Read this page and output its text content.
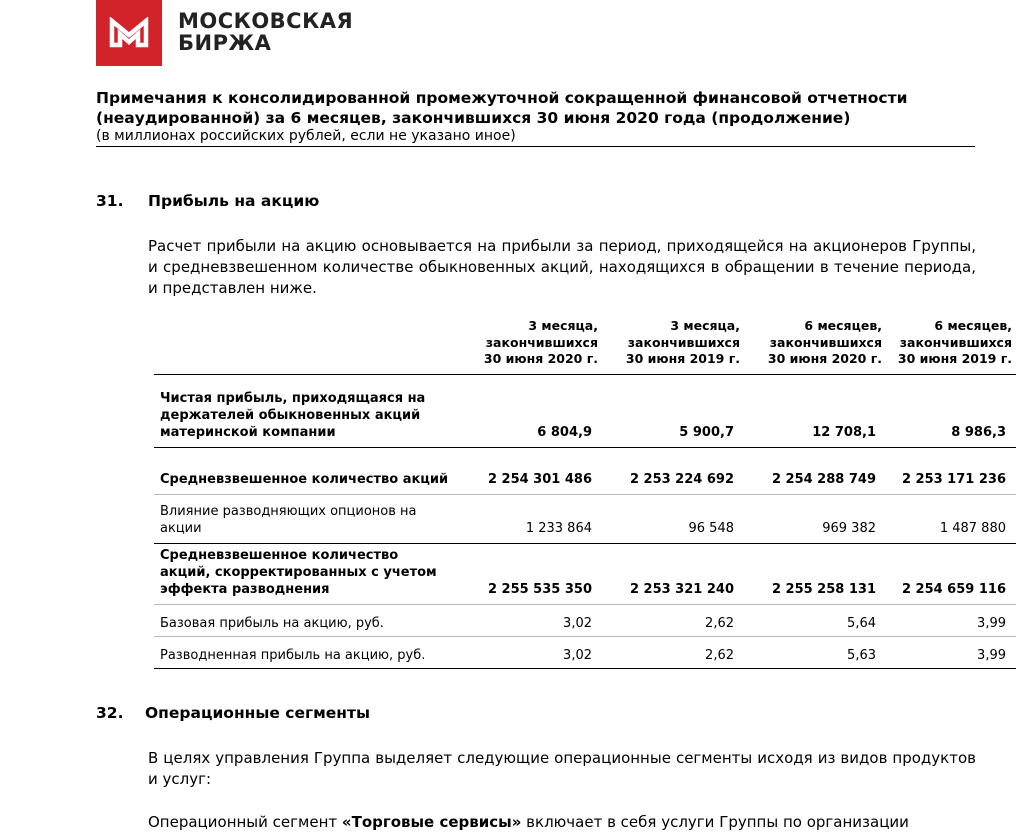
МОСКОВСКАЯ
БИРЖА
Примечания к консолидированной промежуточной сокращенной финансовой отчетности (неаудированной) за 6 месяцев, закончившихся 30 июня 2020 года (продолжение)
(в миллионах российских рублей, если не указано иное)
31. Прибыль на акцию
Расчет прибыли на акцию основывается на прибыли за период, приходящейся на акционеров Группы, и средневзвешенном количестве обыкновенных акций, находящихся в обращении в течение периода, и представлен ниже.
	3 месяца,
закончившихся
30 июня 2020 г.	3 месяца,
закончившихся
30 июня 2019 г.	6 месяцев,
закончившихся
30 июня 2020 г.	6 месяцев,
закончившихся
30 июня 2019 г.
Чистая прибыль, приходящаяся на держателей обыкновенных акций материнской компании	6 804,9	5 900,7	12 708,1	8 986,3
Средневзвешенное количество акций	2 254 301 486	2 253 224 692	2 254 288 749	2 253 171 236
Влияние разводняющих опционов на акции	1 233 864	96 548	969 382	1 487 880
Средневзвешенное количество акций, скорректированных с учетом эффекта разводнения	2 255 535 350	2 253 321 240	2 255 258 131	2 254 659 116
Базовая прибыль на акцию, руб.	3,02	2,62	5,64	3,99
Разводненная прибыль на акцию, руб.	3,02	2,62	5,63	3,99
32. Операционные сегменты
В целях управления Группа выделяет следующие операционные сегменты исходя из видов продуктов и услуг:
Операционный сегмент «Торговые сервисы» включает в себя услуги Группы по организации
